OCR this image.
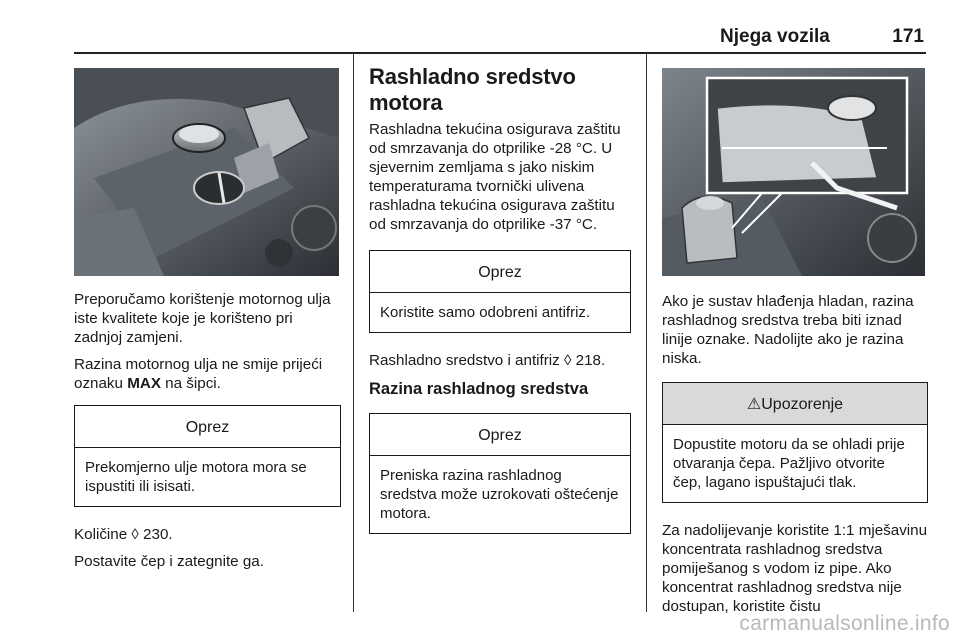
Njega vozila	171

Preporučamo korištenje motornog ulja iste kvalitete koje je korišteno pri zadnjoj zamjeni.

Razina motornog ulja ne smije prijeći oznaku MAX na šipci.

Oprez
Prekomjerno ulje motora mora se ispustiti ili isisati.

Količine ◊ 230.

Postavite čep i zategnite ga.

Rashladno sredstvo motora

Rashladna tekućina osigurava zaštitu od smrzavanja do otprilike -28 °C. U sjevernim zemljama s jako niskim temperaturama tvornički ulivena rashladna tekućina osigurava zaštitu od smrzavanja do otprilike -37 °C.

Oprez
Koristite samo odobreni antifriz.

Rashladno sredstvo i antifriz ◊ 218.

Razina rashladnog sredstva
Oprez
Preniska razina rashladnog sredstva može uzrokovati oštećenje motora.

Ako je sustav hlađenja hladan, razina rashladnog sredstva treba biti iznad linije oznake. Nadolijte ako je razina niska.

⚠Upozorenje
Dopustite motoru da se ohladi prije otvaranja čepa. Pažljivo otvorite čep, lagano ispuštajući tlak.

Za nadolijevanje koristite 1:1 mješavinu koncentrata rashladnog sredstva pomiješanog s vodom iz pipe. Ako koncentrat rashladnog sredstva nije dostupan, koristite čistu

carmanualsonline.info
